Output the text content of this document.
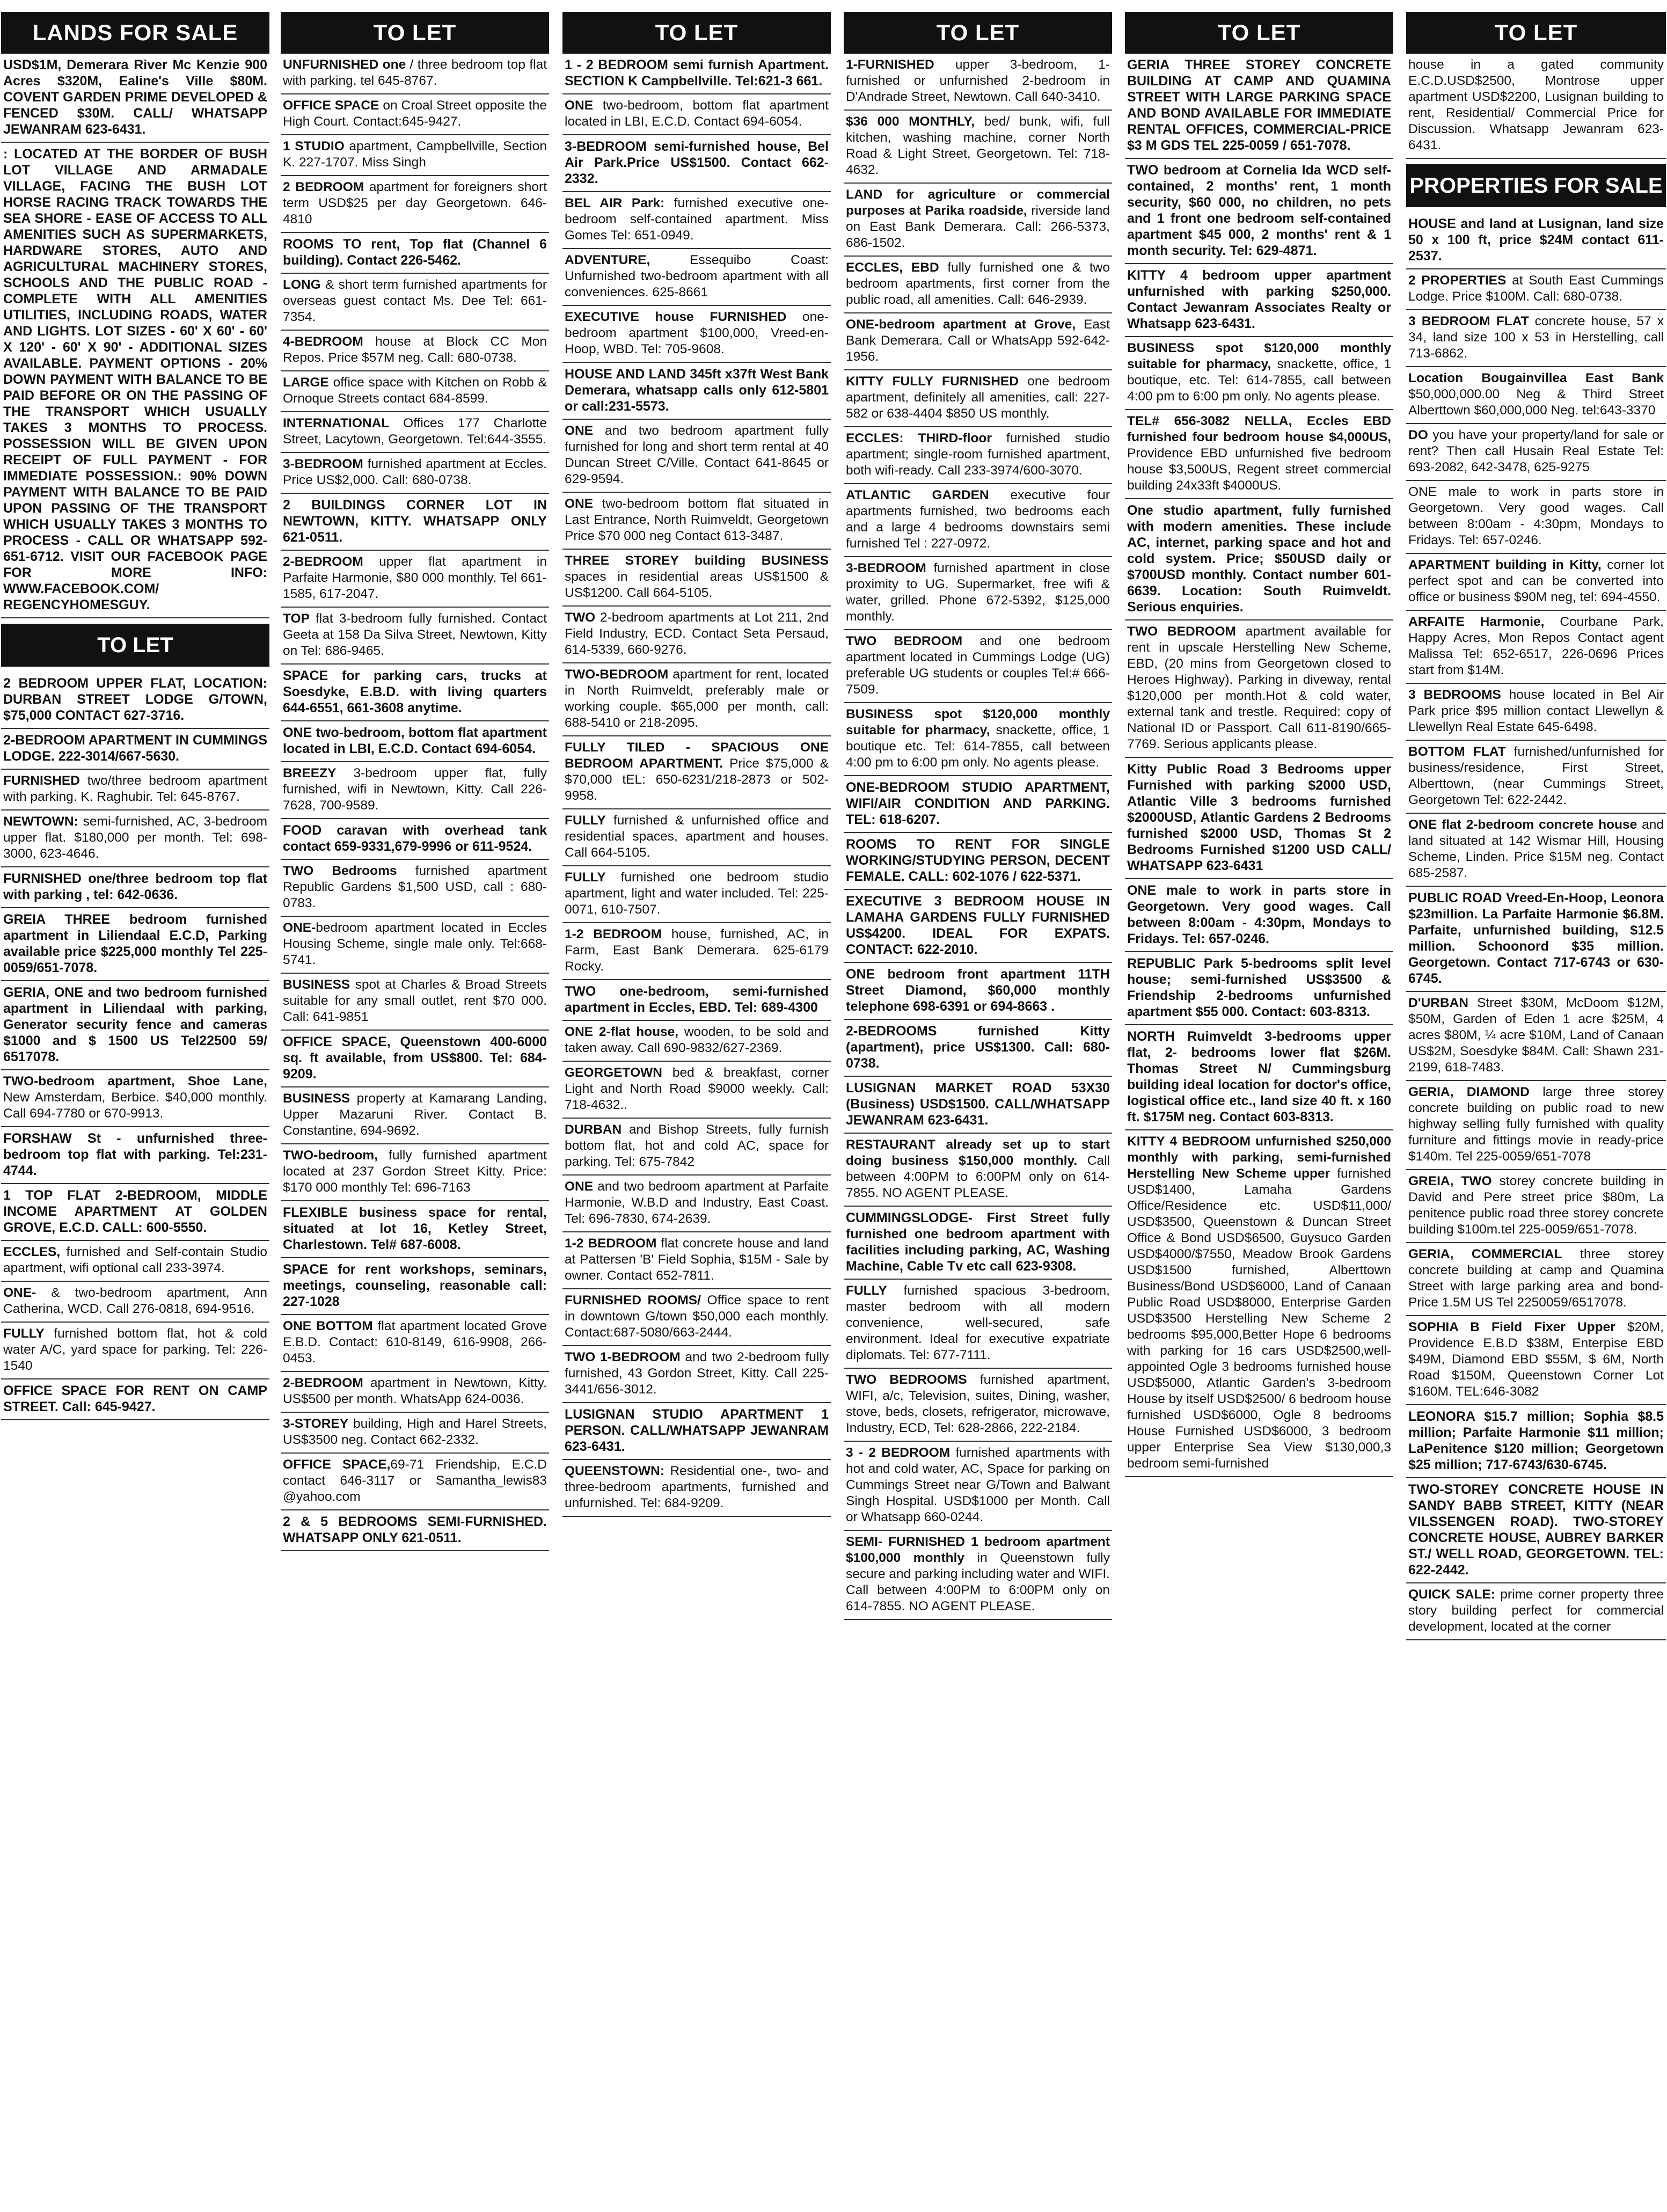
LANDS FOR SALE
USD$1M, Demerara River Mc Kenzie 900 Acres $320M, Ealine's Ville $80M. COVENT GARDEN PRIME DEVELOPED & FENCED $30M. CALL/ WHATSAPP JEWANRAM 623-6431.
: LOCATED AT THE BORDER OF BUSH LOT VILLAGE AND ARMADALE VILLAGE, FACING THE BUSH LOT HORSE RACING TRACK TOWARDS THE SEA SHORE - EASE OF ACCESS TO ALL AMENITIES SUCH AS SUPERMARKETS, HARDWARE STORES, AUTO AND AGRICULTURAL MACHINERY STORES, SCHOOLS AND THE PUBLIC ROAD - COMPLETE WITH ALL AMENITIES UTILITIES, INCLUDING ROADS, WATER AND LIGHTS. LOT SIZES - 60' X 60' - 60' X 120' - 60' X 90' - ADDITIONAL SIZES AVAILABLE. PAYMENT OPTIONS - 20% DOWN PAYMENT WITH BALANCE TO BE PAID BEFORE OR ON THE PASSING OF THE TRANSPORT WHICH USUALLY TAKES 3 MONTHS TO PROCESS. POSSESSION WILL BE GIVEN UPON RECEIPT OF FULL PAYMENT - FOR IMMEDIATE POSSESSION.: 90% DOWN PAYMENT WITH BALANCE TO BE PAID UPON PASSING OF THE TRANSPORT WHICH USUALLY TAKES 3 MONTHS TO PROCESS - CALL OR WHATSAPP 592-651-6712. VISIT OUR FACEBOOK PAGE FOR MORE INFO: WWW.FACEBOOK.COM/ REGENCYHOMESGUY.
TO LET
2 BEDROOM UPPER FLAT, LOCATION: DURBAN STREET LODGE G/TOWN, $75,000 CONTACT 627-3716.
2-BEDROOM APARTMENT IN CUMMINGS LODGE. 222-3014/667-5630.
FURNISHED two/three bedroom apartment with parking. K. Raghubir. Tel: 645-8767.
NEWTOWN: semi-furnished, AC, 3-bedroom upper flat. $180,000 per month. Tel: 698-3000, 623-4646.
FURNISHED one/three bedroom top flat with parking , tel: 642-0636.
GREIA THREE bedroom furnished apartment in Liliendaal E.C.D, Parking available price $225,000 monthly Tel 225-0059/651-7078.
GERIA, ONE and two bedroom furnished apartment in Liliendaal with parking, Generator security fence and cameras $1000 and $ 1500 US Tel22500 59/ 6517078.
TWO-bedroom apartment, Shoe Lane, New Amsterdam, Berbice. $40,000 monthly. Call 694-7780 or 670-9913.
FORSHAW St - unfurnished three-bedroom top flat with parking. Tel:231-4744.
1 TOP FLAT 2-BEDROOM, MIDDLE INCOME APARTMENT AT GOLDEN GROVE, E.C.D. CALL: 600-5550.
ECCLES, furnished and Self-contain Studio apartment, wifi optional call 233-3974.
ONE- & two-bedroom apartment, Ann Catherina, WCD. Call 276-0818, 694-9516.
FULLY furnished bottom flat, hot & cold water A/C, yard space for parking. Tel: 226-1540
OFFICE SPACE FOR RENT ON CAMP STREET. Call: 645-9427.
TO LET
UNFURNISHED one / three bedroom top flat with parking. tel 645-8767.
OFFICE SPACE on Croal Street opposite the High Court. Contact:645-9427.
1 STUDIO apartment, Campbellville, Section K. 227-1707. Miss Singh
2 BEDROOM apartment for foreigners short term USD$25 per day Georgetown. 646-4810
ROOMS TO rent, Top flat (Channel 6 building). Contact 226-5462.
LONG & short term furnished apartments for overseas guest contact Ms. Dee Tel: 661-7354.
4-BEDROOM house at Block CC Mon Repos. Price $57M neg. Call: 680-0738.
LARGE office space with Kitchen on Robb & Ornoque Streets contact 684-8599.
INTERNATIONAL Offices 177 Charlotte Street, Lacytown, Georgetown. Tel:644-3555.
3-BEDROOM furnished apartment at Eccles. Price US$2,000. Call: 680-0738.
2 BUILDINGS CORNER LOT IN NEWTOWN, KITTY. WHATSAPP ONLY 621-0511.
2-BEDROOM upper flat apartment in Parfaite Harmonie, $80 000 monthly. Tel 661-1585, 617-2047.
TOP flat 3-bedroom fully furnished. Contact Geeta at 158 Da Silva Street, Newtown, Kitty on Tel: 686-9465.
SPACE for parking cars, trucks at Soesdyke, E.B.D. with living quarters 644-6551, 661-3608 anytime.
ONE two-bedroom, bottom flat apartment located in LBI, E.C.D. Contact 694-6054.
BREEZY 3-bedroom upper flat, fully furnished, wifi in Newtown, Kitty. Call 226-7628, 700-9589.
FOOD caravan with overhead tank contact 659-9331,679-9996 or 611-9524.
TWO Bedrooms furnished apartment Republic Gardens $1,500 USD, call : 680-0783.
ONE-bedroom apartment located in Eccles Housing Scheme, single male only. Tel:668-5741.
BUSINESS spot at Charles & Broad Streets suitable for any small outlet, rent $70 000. Call: 641-9851
OFFICE SPACE, Queenstown 400-6000 sq. ft available, from US$800. Tel: 684-9209.
BUSINESS property at Kamarang Landing, Upper Mazaruni River. Contact B. Constantine, 694-9692.
TWO-bedroom, fully furnished apartment located at 237 Gordon Street Kitty. Price: $170 000 monthly Tel: 696-7163
FLEXIBLE business space for rental, situated at lot 16, Ketley Street, Charlestown. Tel# 687-6008.
SPACE for rent workshops, seminars, meetings, counseling, reasonable call: 227-1028
ONE BOTTOM flat apartment located Grove E.B.D. Contact: 610-8149, 616-9908, 266-0453.
2-BEDROOM apartment in Newtown, Kitty. US$500 per month. WhatsApp 624-0036.
3-STOREY building, High and Harel Streets, US$3500 neg. Contact 662-2332.
OFFICE SPACE,69-71 Friendship, E.C.D contact 646-3117 or Samantha_lewis83 @yahoo.com
2 & 5 BEDROOMS SEMI-FURNISHED. WHATSAPP ONLY 621-0511.
TO LET
1 - 2 BEDROOM semi furnish Apartment. SECTION K Campbellville. Tel:621-3 661.
ONE two-bedroom, bottom flat apartment located in LBI, E.C.D. Contact 694-6054.
3-BEDROOM semi-furnished house, Bel Air Park.Price US$1500. Contact 662-2332.
BEL AIR Park: furnished executive one-bedroom self-contained apartment. Miss Gomes Tel: 651-0949.
ADVENTURE, Essequibo Coast: Unfurnished two-bedroom apartment with all conveniences. 625-8661
EXECUTIVE house FURNISHED one-bedroom apartment $100,000, Vreed-en-Hoop, WBD. Tel: 705-9608.
HOUSE AND LAND 345ft x37ft West Bank Demerara, whatsapp calls only 612-5801 or call:231-5573.
ONE and two bedroom apartment fully furnished for long and short term rental at 40 Duncan Street C/Ville. Contact 641-8645 or 629-9594.
ONE two-bedroom bottom flat situated in Last Entrance, North Ruimveldt, Georgetown Price $70 000 neg Contact 613-3487.
THREE STOREY building BUSINESS spaces in residential areas US$1500 & US$1200. Call 664-5105.
TWO 2-bedroom apartments at Lot 211, 2nd Field Industry, ECD. Contact Seta Persaud, 614-5339, 660-9276.
TWO-BEDROOM apartment for rent, located in North Ruimveldt, preferably male or working couple. $65,000 per month, call: 688-5410 or 218-2095.
FULLY TILED - SPACIOUS ONE BEDROOM APARTMENT. Price $75,000 & $70,000 tEL: 650-6231/218-2873 or 502-9958.
FULLY furnished & unfurnished office and residential spaces, apartment and houses. Call 664-5105.
FULLY furnished one bedroom studio apartment, light and water included. Tel: 225-0071, 610-7507.
1-2 BEDROOM house, furnished, AC, in Farm, East Bank Demerara. 625-6179 Rocky.
TWO one-bedroom, semi-furnished apartment in Eccles, EBD. Tel: 689-4300
ONE 2-flat house, wooden, to be sold and taken away. Call 690-9832/627-2369.
GEORGETOWN bed & breakfast, corner Light and North Road $9000 weekly. Call: 718-4632..
DURBAN and Bishop Streets, fully furnish bottom flat, hot and cold AC, space for parking. Tel: 675-7842
ONE and two bedroom apartment at Parfaite Harmonie, W.B.D and Industry, East Coast. Tel: 696-7830, 674-2639.
1-2 BEDROOM flat concrete house and land at Pattersen 'B' Field Sophia, $15M - Sale by owner. Contact 652-7811.
FURNISHED ROOMS/ Office space to rent in downtown G/town $50,000 each monthly. Contact:687-5080/663-2444.
TWO 1-BEDROOM and two 2-bedroom fully furnished, 43 Gordon Street, Kitty. Call 225- 3441/656-3012.
LUSIGNAN STUDIO APARTMENT 1 PERSON. CALL/WHATSAPP JEWANRAM 623-6431.
QUEENSTOWN: Residential one-, two- and three-bedroom apartments, furnished and unfurnished. Tel: 684-9209.
TO LET
1-FURNISHED upper 3-bedroom, 1-furnished or unfurnished 2-bedroom in D'Andrade Street, Newtown. Call 640-3410.
$36 000 MONTHLY, bed/ bunk, wifi, full kitchen, washing machine, corner North Road & Light Street, Georgetown. Tel: 718-4632.
LAND for agriculture or commercial purposes at Parika roadside, riverside land on East Bank Demerara. Call: 266-5373, 686-1502.
ECCLES, EBD fully furnished one & two bedroom apartments, first corner from the public road, all amenities. Call: 646-2939.
ONE-bedroom apartment at Grove, East Bank Demerara. Call or WhatsApp 592-642-1956.
KITTY FULLY FURNISHED one bedroom apartment, definitely all amenities, call: 227-582 or 638-4404 $850 US monthly.
ECCLES: THIRD-floor furnished studio apartment; single-room furnished apartment, both wifi-ready. Call 233-3974/600-3070.
ATLANTIC GARDEN executive four apartments furnished, two bedrooms each and a large 4 bedrooms downstairs semi furnished Tel : 227-0972.
3-BEDROOM furnished apartment in close proximity to UG. Supermarket, free wifi & water, grilled. Phone 672-5392, $125,000 monthly.
TWO BEDROOM and one bedroom apartment located in Cummings Lodge (UG) preferable UG students or couples Tel:# 666-7509.
BUSINESS spot $120,000 monthly suitable for pharmacy, snackette, office, 1 boutique etc. Tel: 614-7855, call between 4:00 pm to 6:00 pm only. No agents please.
ONE-BEDROOM STUDIO APARTMENT, WIFI/AIR CONDITION AND PARKING. TEL: 618-6207.
ROOMS TO RENT FOR SINGLE WORKING/STUDYING PERSON, DECENT FEMALE. CALL: 602-1076 / 622-5371.
EXECUTIVE 3 BEDROOM HOUSE IN LAMAHA GARDENS FULLY FURNISHED US$4200. IDEAL FOR EXPATS. CONTACT: 622-2010.
ONE bedroom front apartment 11TH Street Diamond, $60,000 monthly telephone 698-6391 or 694-8663 .
2-BEDROOMS furnished Kitty (apartment), price US$1300. Call: 680-0738.
LUSIGNAN MARKET ROAD 53X30 (Business) USD$1500. CALL/WHATSAPP JEWANRAM 623-6431.
RESTAURANT already set up to start doing business $150,000 monthly. Call between 4:00PM to 6:00PM only on 614-7855. NO AGENT PLEASE.
CUMMINGSLODGE- First Street fully furnished one bedroom apartment with facilities including parking, AC, Washing Machine, Cable Tv etc call 623-9308.
FULLY furnished spacious 3-bedroom, master bedroom with all modern convenience, well-secured, safe environment. Ideal for executive expatriate diplomats. Tel: 677-7111.
TWO BEDROOMS furnished apartment, WIFI, a/c, Television, suites, Dining, washer, stove, beds, closets, refrigerator, microwave, Industry, ECD, Tel: 628-2866, 222-2184.
3 - 2 BEDROOM furnished apartments with hot and cold water, AC, Space for parking on Cummings Street near G/Town and Balwant Singh Hospital. USD$1000 per Month. Call or Whatsapp 660-0244.
SEMI- FURNISHED 1 bedroom apartment $100,000 monthly in Queenstown fully secure and parking including water and WIFI. Call between 4:00PM to 6:00PM only on 614-7855. NO AGENT PLEASE.
TO LET
GERIA THREE STOREY CONCRETE BUILDING AT CAMP AND QUAMINA STREET WITH LARGE PARKING SPACE AND BOND AVAILABLE FOR IMMEDIATE RENTAL OFFICES, COMMERCIAL-PRICE $3 M GDS TEL 225-0059 / 651-7078.
TWO bedroom at Cornelia Ida WCD self-contained, 2 months' rent, 1 month security, $60 000, no children, no pets and 1 front one bedroom self-contained apartment $45 000, 2 months' rent & 1 month security. Tel: 629-4871.
KITTY 4 bedroom upper apartment unfurnished with parking $250,000. Contact Jewanram Associates Realty or Whatsapp 623-6431.
BUSINESS spot $120,000 monthly suitable for pharmacy, snackette, office, 1 boutique, etc. Tel: 614-7855, call between 4:00 pm to 6:00 pm only. No agents please.
TEL# 656-3082 NELLA, Eccles EBD furnished four bedroom house $4,000US, Providence EBD unfurnished five bedroom house $3,500US, Regent street commercial building 24x33ft $4000US.
One studio apartment, fully furnished with modern amenities. These include AC, internet, parking space and hot and cold system. Price; $50USD daily or $700USD monthly. Contact number 601-6639. Location: South Ruimveldt. Serious enquiries.
TWO BEDROOM apartment available for rent in upscale Herstelling New Scheme, EBD, (20 mins from Georgetown closed to Heroes Highway). Parking in diveway, rental $120,000 per month.Hot & cold water, external tank and trestle. Required: copy of National ID or Passport. Call 611-8190/665-7769. Serious applicants please.
Kitty Public Road 3 Bedrooms upper Furnished with parking $2000 USD, Atlantic Ville 3 bedrooms furnished $2000USD, Atlantic Gardens 2 Bedrooms furnished $2000 USD, Thomas St 2 Bedrooms Furnished $1200 USD CALL/ WHATSAPP 623-6431
ONE male to work in parts store in Georgetown. Very good wages. Call between 8:00am - 4:30pm, Mondays to Fridays. Tel: 657-0246.
REPUBLIC Park 5-bedrooms split level house; semi-furnished US$3500 & Friendship 2-bedrooms unfurnished apartment $55 000. Contact: 603-8313.
NORTH Ruimveldt 3-bedrooms upper flat, 2- bedrooms lower flat $26M. Thomas Street N/ Cummingsburg building ideal location for doctor's office, logistical office etc., land size 40 ft. x 160 ft. $175M neg. Contact 603-8313.
KITTY 4 BEDROOM unfurnished $250,000 monthly with parking, semi-furnished Herstelling New Scheme upper furnished USD$1400, Lamaha Gardens Office/Residence etc. USD$11,000/ USD$3500, Queenstown & Duncan Street Office & Bond USD$6500, Guysuco Garden USD$4000/$7550, Meadow Brook Gardens USD$1500 furnished, Alberttown Business/Bond USD$6000, Land of Canaan Public Road USD$8000, Enterprise Garden USD$3500 Herstelling New Scheme 2 bedrooms $95,000,Better Hope 6 bedrooms with parking for 16 cars USD$2500,well-appointed Ogle 3 bedrooms furnished house USD$5000, Atlantic Garden's 3-bedroom House by itself USD$2500/ 6 bedroom house furnished USD$6000, Ogle 8 bedrooms House Furnished USD$6000, 3 bedroom upper Enterprise Sea View $130,000,3 bedroom semi-furnished
TO LET
house in a gated community E.C.D.USD$2500, Montrose upper apartment USD$2200, Lusignan building to rent, Residential/ Commercial Price for Discussion. Whatsapp Jewanram 623-6431.
PROPERTIES FOR SALE
HOUSE and land at Lusignan, land size 50 x 100 ft, price $24M contact 611-2537.
2 PROPERTIES at South East Cummings Lodge. Price $100M. Call: 680-0738.
3 BEDROOM FLAT concrete house, 57 x 34, land size 100 x 53 in Herstelling, call 713-6862.
Location Bougainvillea East Bank $50,000,000.00 Neg & Third Street Alberttown $60,000,000 Neg. tel:643-3370
DO you have your property/land for sale or rent? Then call Husain Real Estate Tel: 693-2082, 642-3478, 625-9275
ONE male to work in parts store in Georgetown. Very good wages. Call between 8:00am - 4:30pm, Mondays to Fridays. Tel: 657-0246.
APARTMENT building in Kitty, corner lot perfect spot and can be converted into office or business $90M neg, tel: 694-4550.
ARFAITE Harmonie, Courbane Park, Happy Acres, Mon Repos Contact agent Malissa Tel: 652-6517, 226-0696 Prices start from $14M.
3 BEDROOMS house located in Bel Air Park price $95 million contact Llewellyn & Llewellyn Real Estate 645-6498.
BOTTOM FLAT furnished/unfurnished for business/residence, First Street, Alberttown, (near Cummings Street, Georgetown Tel: 622-2442.
ONE flat 2-bedroom concrete house and land situated at 142 Wismar Hill, Housing Scheme, Linden. Price $15M neg. Contact 685-2587.
PUBLIC ROAD Vreed-En-Hoop, Leonora $23million. La Parfaite Harmonie $6.8M. Parfaite, unfurnished building, $12.5 million. Schoonord $35 million. Georgetown. Contact 717-6743 or 630-6745.
D'URBAN Street $30M, McDoom $12M, $50M, Garden of Eden 1 acre $25M, 4 acres $80M, ¼ acre $10M, Land of Canaan US$2M, Soesdyke $84M. Call: Shawn 231-2199, 618-7483.
GERIA, DIAMOND large three storey concrete building on public road to new highway selling fully furnished with quality furniture and fittings movie in ready-price $140m. Tel 225-0059/651-7078
GREIA, TWO storey concrete building in David and Pere street price $80m, La penitence public road three storey concrete building $100m.tel 225-0059/651-7078.
GERIA, COMMERCIAL three storey concrete building at camp and Quamina Street with large parking area and bond- Price 1.5M US Tel 2250059/6517078.
SOPHIA B Field Fixer Upper $20M, Providence E.B.D $38M, Enterpise EBD $49M, Diamond EBD $55M, $ 6M, North Road $150M, Queenstown Corner Lot $160M. TEL:646-3082
LEONORA $15.7 million; Sophia $8.5 million; Parfaite Harmonie $11 million; LaPenitence $120 million; Georgetown $25 million; 717-6743/630-6745.
TWO-STOREY CONCRETE HOUSE IN SANDY BABB STREET, KITTY (NEAR VILSSENGEN ROAD). TWO-STOREY CONCRETE HOUSE, AUBREY BARKER ST./ WELL ROAD, GEORGETOWN. TEL: 622-2442.
QUICK SALE: prime corner property three story building perfect for commercial development, located at the corner
